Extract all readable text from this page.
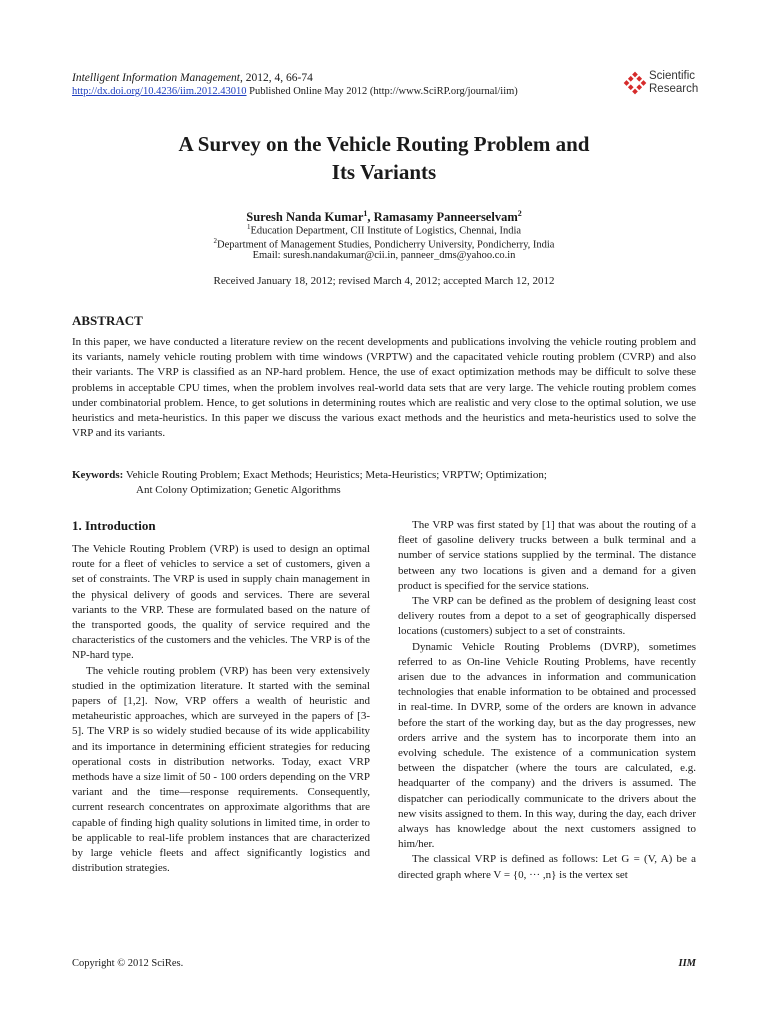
Intelligent Information Management, 2012, 4, 66-74
http://dx.doi.org/10.4236/iim.2012.43010 Published Online May 2012 (http://www.SciRP.org/journal/iim)
Scientific
Research
A Survey on the Vehicle Routing Problem and
Its Variants
Suresh Nanda Kumar$^1$, Ramasamy Panneerselvam$^2$
$^1$Education Department, CII Institute of Logistics, Chennai, India
$^2$Department of Management Studies, Pondicherry University, Pondicherry, India
Email: suresh.nandakumar@cii.in, panneer_dms@yahoo.co.in
Received January 18, 2012; revised March 4, 2012; accepted March 12, 2012
ABSTRACT
In this paper, we have conducted a literature review on the recent developments and publications involving the vehicle routing problem and its variants, namely vehicle routing problem with time windows (VRPTW) and the capacitated vehicle routing problem (CVRP) and also their variants. The VRP is classified as an NP-hard problem. Hence, the use of exact optimization methods may be difficult to solve these problems in acceptable CPU times, when the problem involves real-world data sets that are very large. The vehicle routing problem comes under combinatorial problem. Hence, to get solutions in determining routes which are realistic and very close to the optimal solution, we use heuristics and meta-heuristics. In this paper we discuss the various exact methods and the heuristics and meta-heuristics used to solve the VRP and its variants.
Keywords: Vehicle Routing Problem; Exact Methods; Heuristics; Meta-Heuristics; VRPTW; Optimization;
Ant Colony Optimization; Genetic Algorithms
1. Introduction

The Vehicle Routing Problem (VRP) is used to design an optimal route for a fleet of vehicles to service a set of customers, given a set of constraints. The VRP is used in supply chain management in the physical delivery of goods and services. There are several variants to the VRP. These are formulated based on the nature of the transported goods, the quality of service required and the characteristics of the customers and the vehicles. The VRP is of the NP-hard type.

The vehicle routing problem (VRP) has been very extensively studied in the optimization literature. It started with the seminal papers of [1,2]. Now, VRP offers a wealth of heuristic and metaheuristic approaches, which are surveyed in the papers of [3-5]. The VRP is so widely studied because of its wide applicability and its importance in determining efficient strategies for reducing operational costs in distribution networks. Today, exact VRP methods have a size limit of 50 - 100 orders depending on the VRP variant and the time—response requirements. Consequently, current research concentrates on approximate algorithms that are capable of finding high quality solutions in limited time, in order to be applicable to real-life problem instances that are characterized by large vehicle fleets and affect significantly logistics and distribution strategies.

The VRP was first stated by [1] that was about the routing of a fleet of gasoline delivery trucks between a bulk terminal and a number of service stations supplied by the terminal. The distance between any two locations is given and a demand for a given product is specified for the service stations.

The VRP can be defined as the problem of designing least cost delivery routes from a depot to a set of geographically dispersed locations (customers) subject to a set of constraints.

Dynamic Vehicle Routing Problems (DVRP), sometimes referred to as On-line Vehicle Routing Problems, have recently arisen due to the advances in information and communication technologies that enable information to be obtained and processed in real-time. In DVRP, some of the orders are known in advance before the start of the working day, but as the day progresses, new orders arrive and the system has to incorporate them into an evolving schedule. The existence of a communication system between the dispatcher (where the tours are calculated, e.g. headquarter of the company) and the drivers is assumed. The dispatcher can periodically communicate to the drivers about the new visits assigned to them. In this way, during the day, each driver always has knowledge about the next customers assigned to him/her.

The classical VRP is defined as follows: Let G = (V, A) be a directed graph where V = {0, ··· ,n} is the vertex set

Copyright © 2012 SciRes.	IIM
